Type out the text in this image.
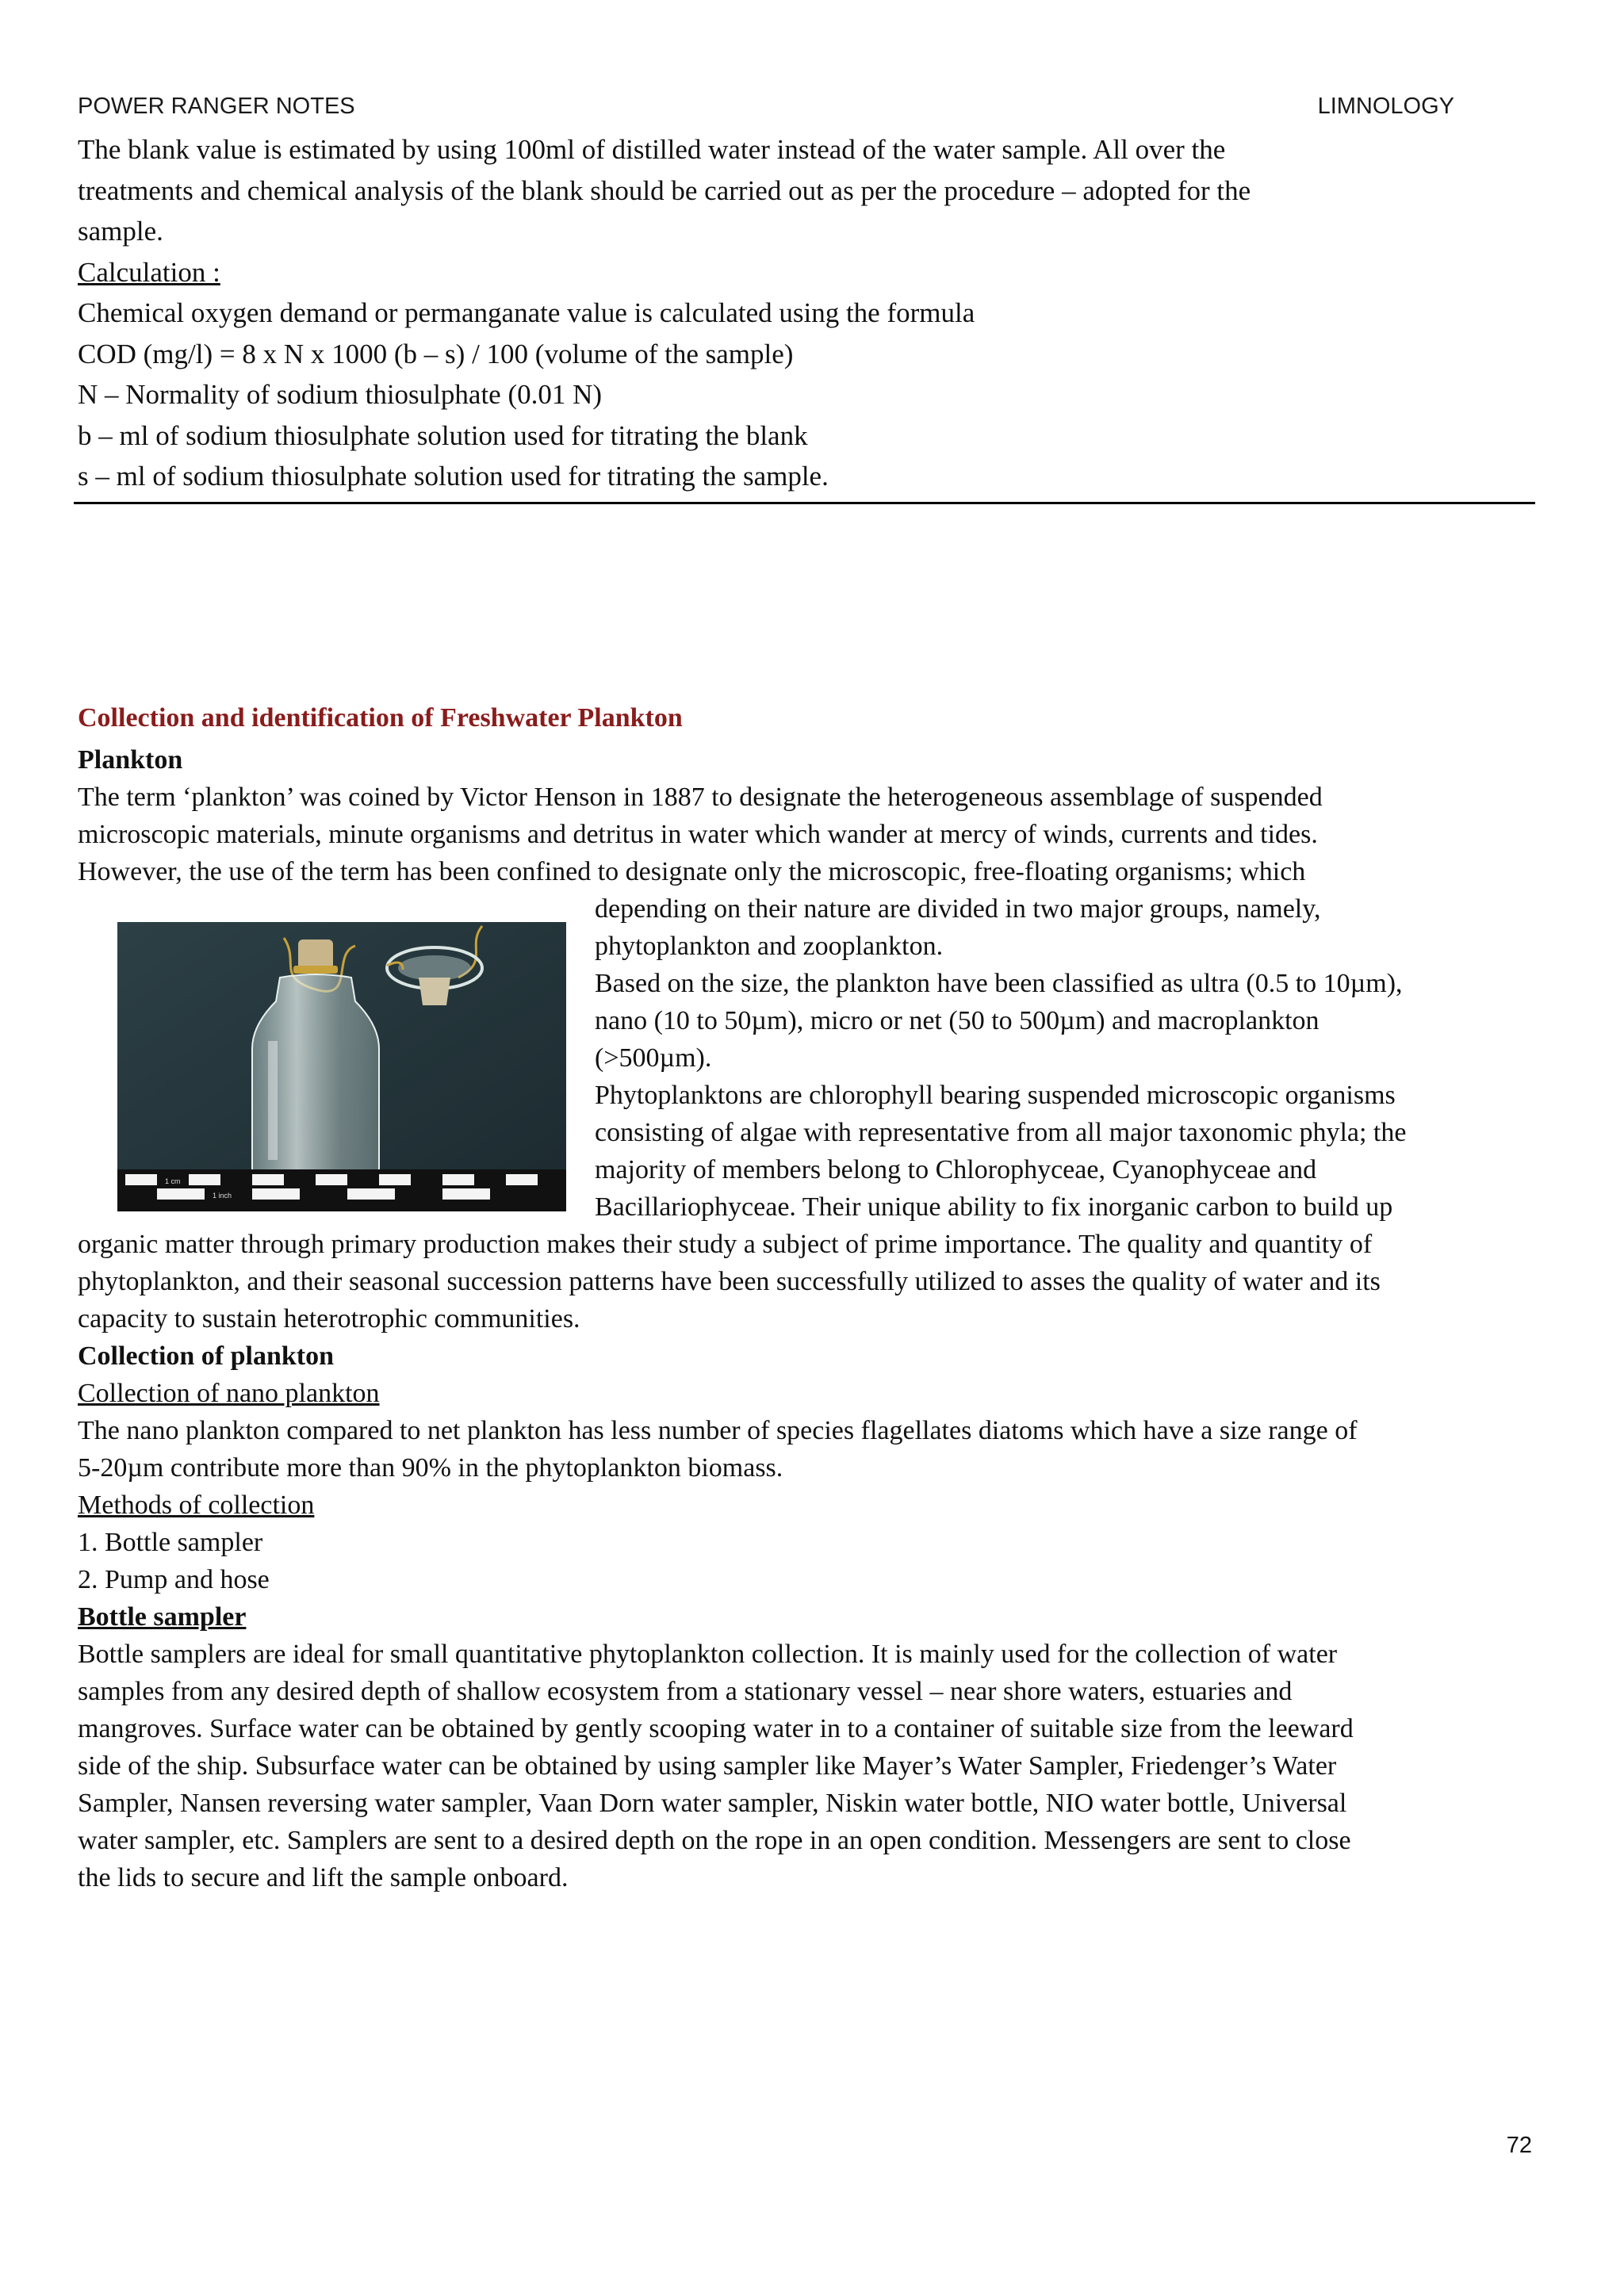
POWER RANGER NOTES	LIMNOLOGY
The blank value is estimated by using 100ml of distilled water instead of the water sample. All over the
treatments and chemical analysis of the blank should be carried out as per the procedure – adopted for the
sample.
Calculation :
Chemical oxygen demand or permanganate value is calculated using the formula
COD (mg/l) = 8 x N x 1000 (b – s) / 100 (volume of the sample)
N – Normality of sodium thiosulphate (0.01 N)
b – ml of sodium thiosulphate solution used for titrating the blank
s – ml of sodium thiosulphate solution used for titrating the sample.
Collection and identification of Freshwater Plankton
Plankton
The term ‘plankton’ was coined by Victor Henson in 1887 to designate the heterogeneous assemblage of suspended
microscopic materials, minute organisms and detritus in water which wander at mercy of winds, currents and tides.
However, the use of the term has been confined to designate only the microscopic, free-floating organisms; which
depending on their nature are divided in two major groups, namely,
phytoplankton and zooplankton.
Based on the size, the plankton have been classified as ultra (0.5 to 10µm),
nano (10 to 50µm), micro or net (50 to 500µm) and macroplankton
(>500µm).
Phytoplanktons are chlorophyll bearing suspended microscopic organisms
consisting of algae with representative from all major taxonomic phyla; the
majority of members belong to Chlorophyceae, Cyanophyceae and
Bacillariophyceae. Their unique ability to fix inorganic carbon to build up
organic matter through primary production makes their study a subject of prime importance. The quality and quantity of
phytoplankton, and their seasonal succession patterns have been successfully utilized to asses the quality of water and its
capacity to sustain heterotrophic communities.
Collection of plankton
Collection of nano plankton
The nano plankton compared to net plankton has less number of species flagellates diatoms which have a size range of
5-20µm contribute more than 90% in the phytoplankton biomass.
Methods of collection
1. Bottle sampler
2. Pump and hose
Bottle sampler
Bottle samplers are ideal for small quantitative phytoplankton collection. It is mainly used for the collection of water
samples from any desired depth of shallow ecosystem from a stationary vessel – near shore waters, estuaries and
mangroves. Surface water can be obtained by gently scooping water in to a container of suitable size from the leeward
side of the ship. Subsurface water can be obtained by using sampler like Mayer’s Water Sampler, Friedenger’s Water
Sampler, Nansen reversing water sampler, Vaan Dorn water sampler, Niskin water bottle, NIO water bottle, Universal
water sampler, etc. Samplers are sent to a desired depth on the rope in an open condition. Messengers are sent to close
the lids to secure and lift the sample onboard.
1 cm
1 inch
72
